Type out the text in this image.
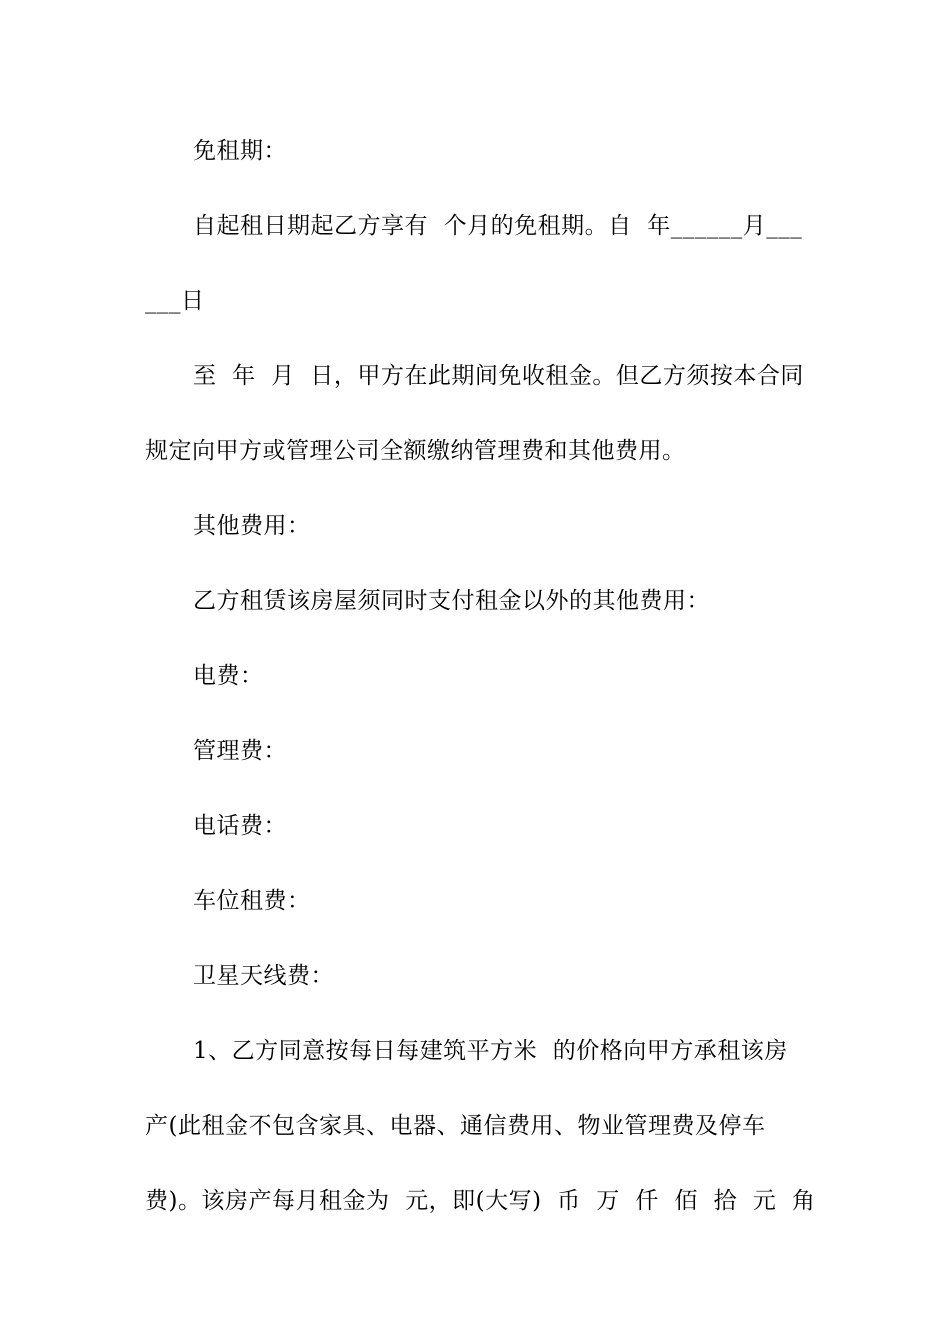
免租期：
自起租日期起乙方享有  个月的免租期。自  年______月___
___日
至  年  月  日，甲方在此期间免收租金。但乙方须按本合同
规定向甲方或管理公司全额缴纳管理费和其他费用。
其他费用：
乙方租赁该房屋须同时支付租金以外的其他费用：
电费：
管理费：
电话费：
车位租费：
卫星天线费：
1、乙方同意按每日每建筑平方米  的价格向甲方承租该房
产(此租金不包含家具、电器、通信费用、物业管理费及停车
费)。该房产每月租金为  元，即(大写)  币  万  仟  佰  拾  元  角
